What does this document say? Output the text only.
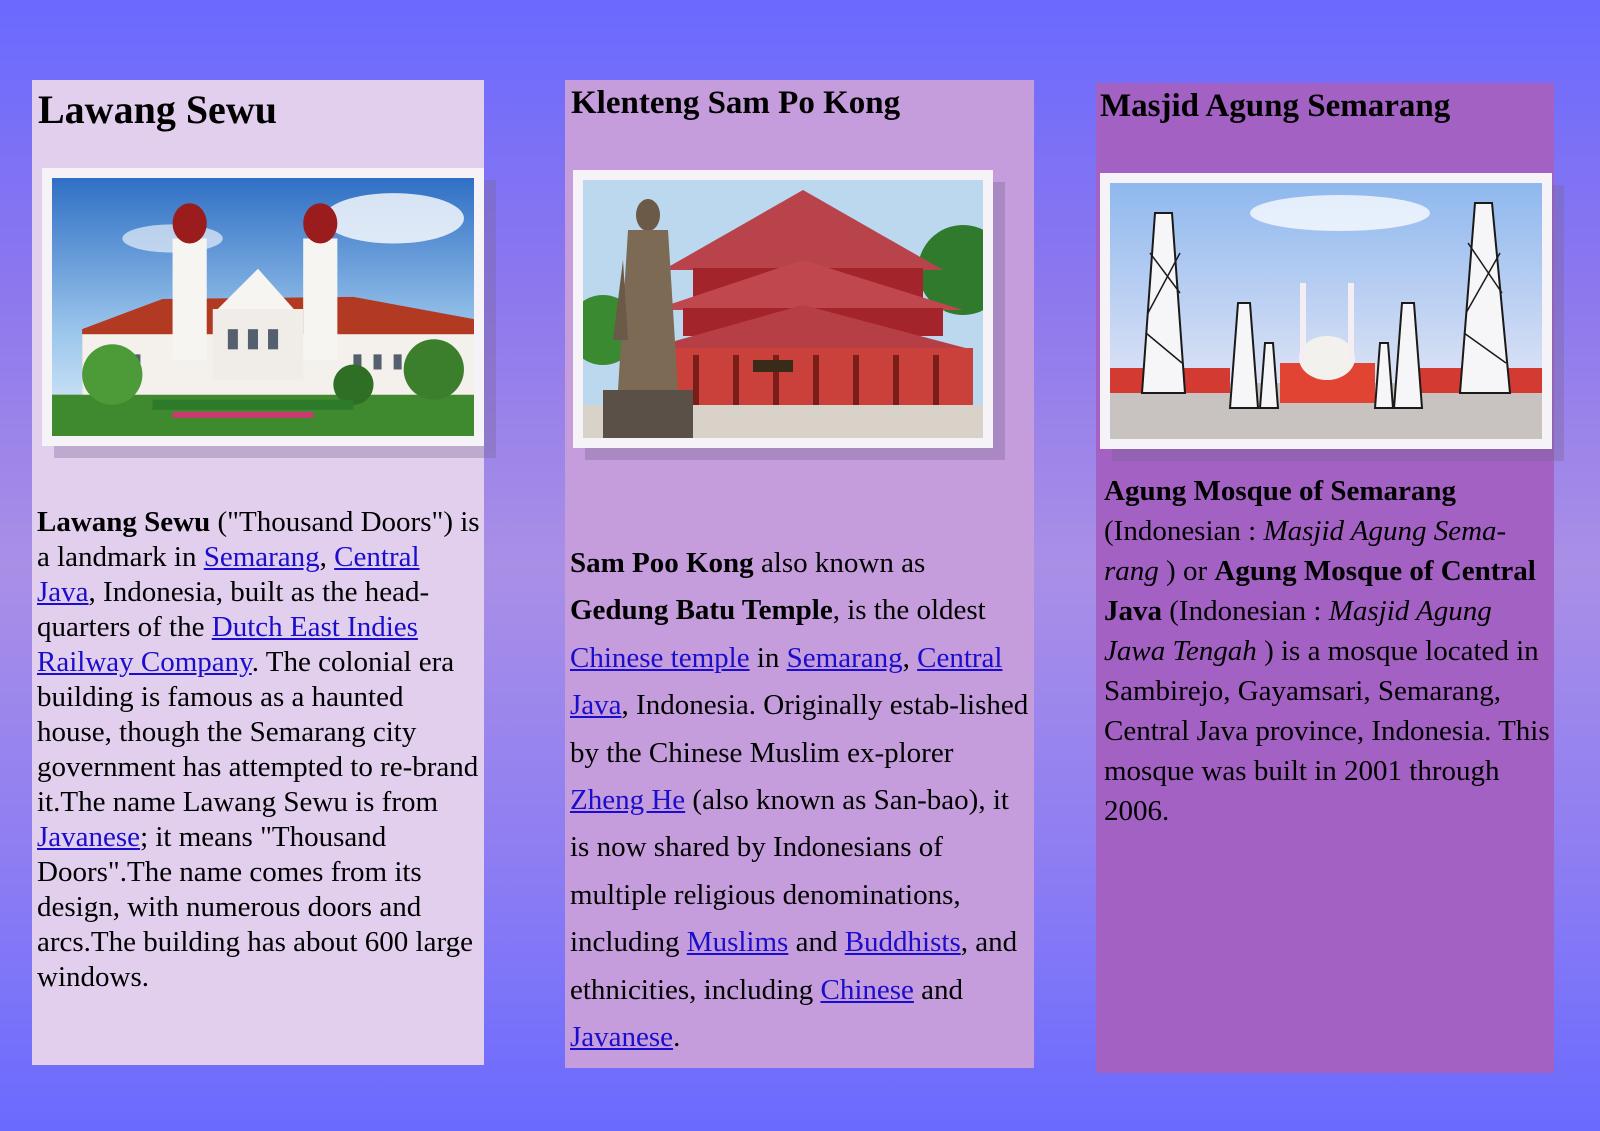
Lawang Sewu

Lawang Sewu ("Thousand Doors") is a landmark in Semarang, Central Java, Indonesia, built as the head-quarters of the Dutch East Indies Railway Company. The colonial era building is famous as a haunted house, though the Semarang city government has attempted to re-brand it.The name Lawang Sewu is from Javanese; it means "Thousand Doors".The name comes from its design, with numerous doors and arcs.The building has about 600 large windows.

Klenteng Sam Po Kong

Sam Poo Kong also known as Gedung Batu Temple, is the oldest Chinese temple in Semarang, Central Java, Indonesia. Originally estab-lished by the Chinese Muslim ex-plorer Zheng He (also known as San-bao), it is now shared by Indonesians of multiple religious denominations, including Muslims and Buddhists, and ethnicities, including Chinese and Javanese.

Masjid Agung Semarang

Agung Mosque of Semarang (Indonesian : Masjid Agung Sema-rang ) or Agung Mosque of Central Java (Indonesian : Masjid Agung Jawa Tengah ) is a mosque located in Sambirejo, Gayamsari, Semarang, Central Java province, Indonesia. This mosque was built in 2001 through 2006.
